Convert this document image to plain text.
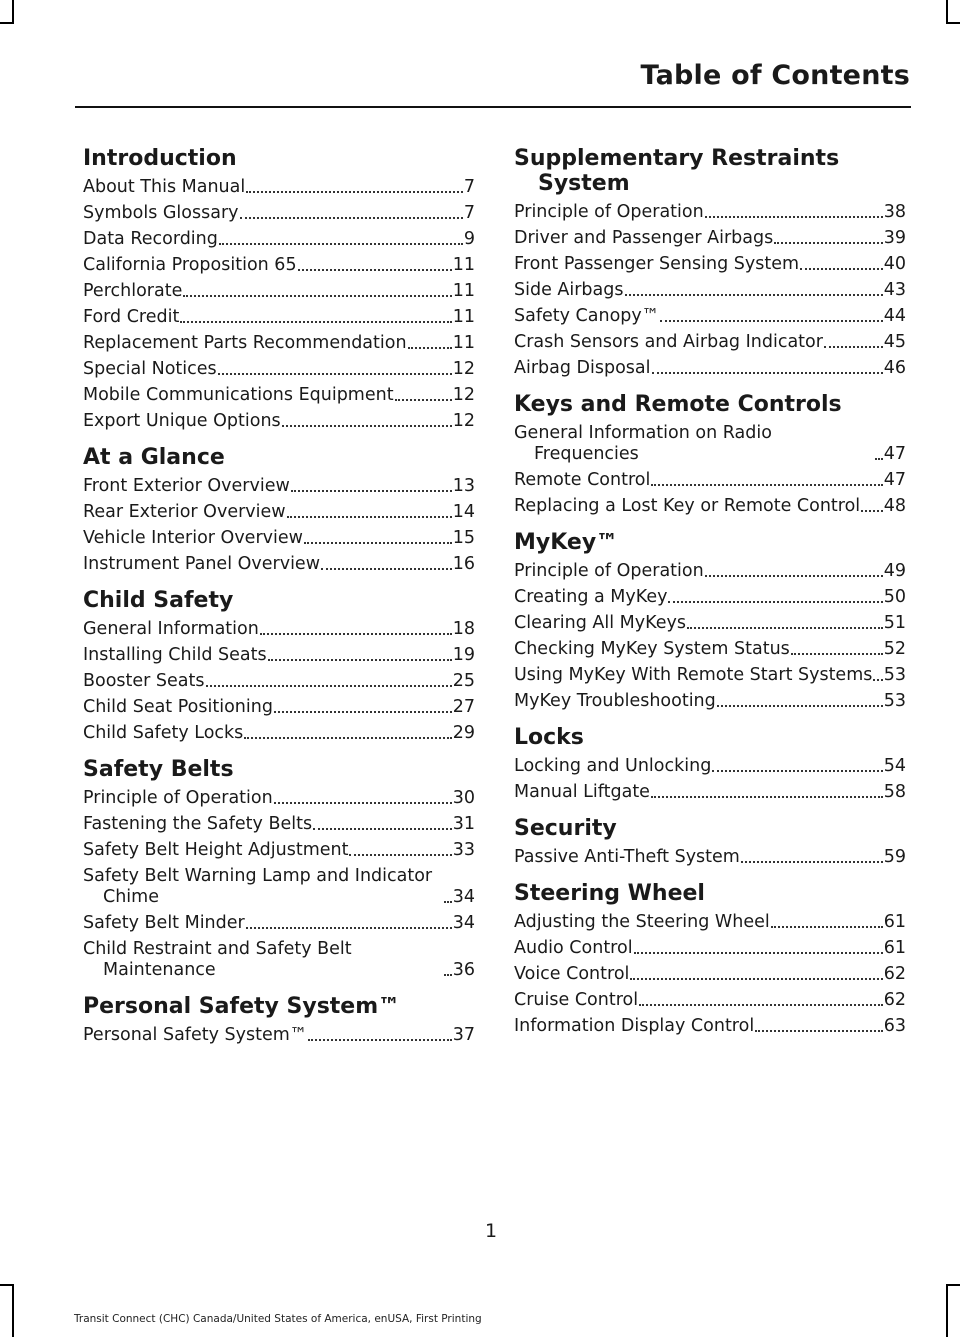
Table of Contents
Introduction
About This Manual	7
Symbols Glossary	7
Data Recording	9
California Proposition 65	11
Perchlorate	11
Ford Credit	11
Replacement Parts Recommendation	11
Special Notices	12
Mobile Communications Equipment	12
Export Unique Options	12
At a Glance
Front Exterior Overview	13
Rear Exterior Overview	14
Vehicle Interior Overview	15
Instrument Panel Overview	16
Child Safety
General Information	18
Installing Child Seats	19
Booster Seats	25
Child Seat Positioning	27
Child Safety Locks	29
Safety Belts
Principle of Operation	30
Fastening the Safety Belts	31
Safety Belt Height Adjustment	33
Safety Belt Warning Lamp and Indicator Chime	34
Safety Belt Minder	34
Child Restraint and Safety Belt Maintenance	36
Personal Safety System™
Personal Safety System™	37
Supplementary Restraints System
Principle of Operation	38
Driver and Passenger Airbags	39
Front Passenger Sensing System	40
Side Airbags	43
Safety Canopy™	44
Crash Sensors and Airbag Indicator	45
Airbag Disposal	46
Keys and Remote Controls
General Information on Radio Frequencies	47
Remote Control	47
Replacing a Lost Key or Remote Control 48
MyKey™
Principle of Operation	49
Creating a MyKey	50
Clearing All MyKeys	51
Checking MyKey System Status	52
Using MyKey With Remote Start Systems 53
MyKey Troubleshooting	53
Locks
Locking and Unlocking	54
Manual Liftgate	58
Security
Passive Anti-Theft System	59
Steering Wheel
Adjusting the Steering Wheel	61
Audio Control	61
Voice Control	62
Cruise Control	62
Information Display Control	63
1
Transit Connect (CHC) Canada/United States of America, enUSA, First Printing
